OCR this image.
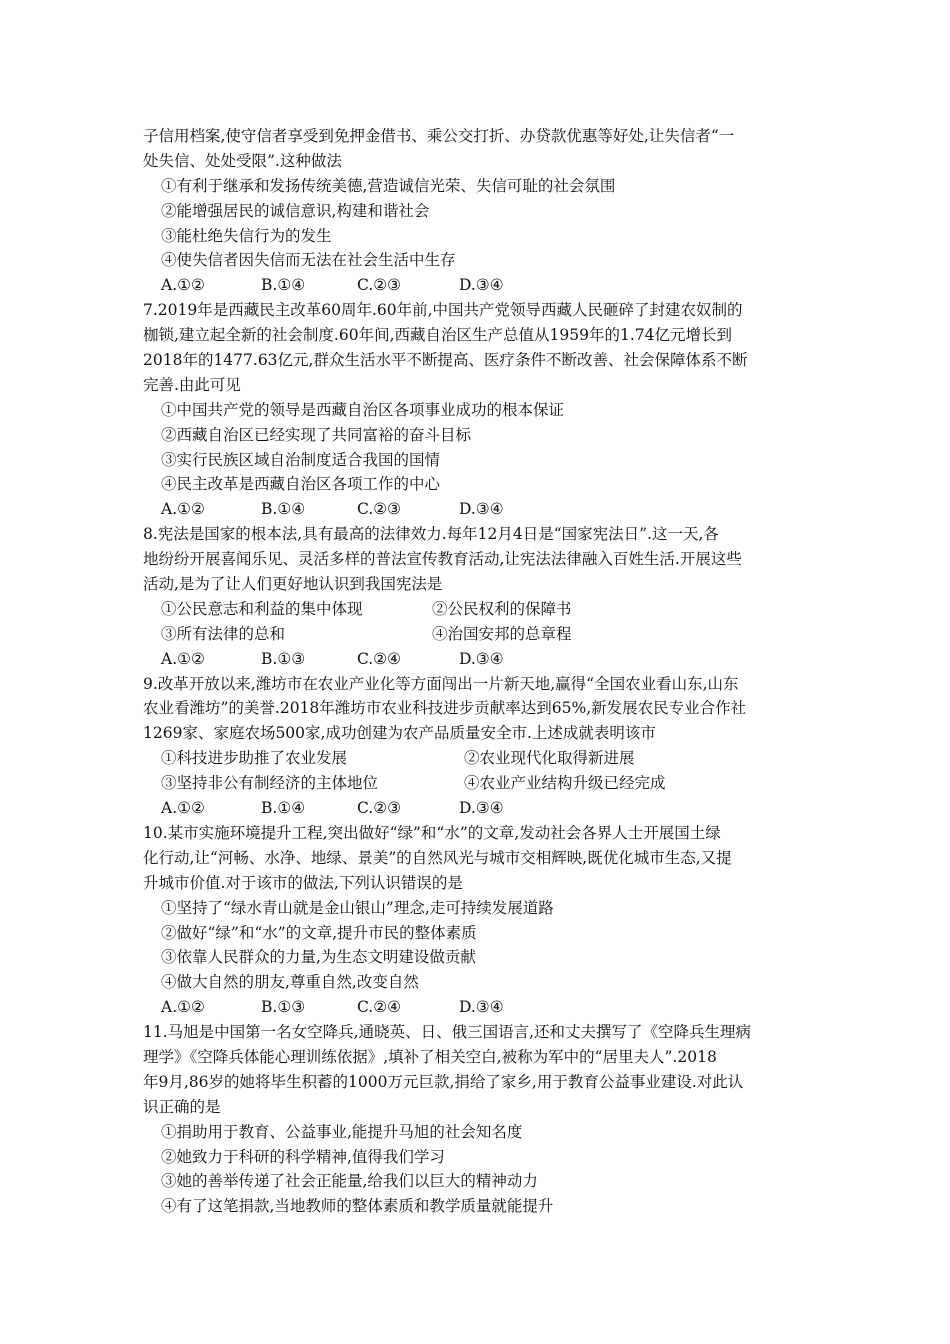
子信用档案,使守信者享受到免押金借书、乘公交打折、办贷款优惠等好处,让失信者“一
处失信、处处受限”.这种做法
①有利于继承和发扬传统美德,营造诚信光荣、失信可耻的社会氛围
②能增强居民的诚信意识,构建和谐社会
③能杜绝失信行为的发生
④使失信者因失信而无法在社会生活中生存
A.①②	B.①④	C.②③	D.③④
7.2019年是西藏民主改革60周年.60年前,中国共产党领导西藏人民砸碎了封建农奴制的
枷锁,建立起全新的社会制度.60年间,西藏自治区生产总值从1959年的1.74亿元增长到
2018年的1477.63亿元,群众生活水平不断提高、医疗条件不断改善、社会保障体系不断
完善.由此可见
①中国共产党的领导是西藏自治区各项事业成功的根本保证
②西藏自治区已经实现了共同富裕的奋斗目标
③实行民族区域自治制度适合我国的国情
④民主改革是西藏自治区各项工作的中心
A.①②	B.①④	C.②③	D.③④
8.宪法是国家的根本法,具有最高的法律效力.每年12月4日是“国家宪法日”.这一天,各
地纷纷开展喜闻乐见、灵活多样的普法宣传教育活动,让宪法法律融入百姓生活.开展这些
活动,是为了让人们更好地认识到我国宪法是
①公民意志和利益的集中体现	②公民权利的保障书
③所有法律的总和	④治国安邦的总章程
A.①②	B.①③	C.②④	D.③④
9.改革开放以来,潍坊市在农业产业化等方面闯出一片新天地,赢得“全国农业看山东,山东
农业看潍坊”的美誉.2018年潍坊市农业科技进步贡献率达到65%,新发展农民专业合作社
1269家、家庭农场500家,成功创建为农产品质量安全市.上述成就表明该市
①科技进步助推了农业发展	②农业现代化取得新进展
③坚持非公有制经济的主体地位	④农业产业结构升级已经完成
A.①②	B.①④	C.②③	D.③④
10.某市实施环境提升工程,突出做好“绿”和“水”的文章,发动社会各界人士开展国土绿
化行动,让“河畅、水净、地绿、景美”的自然风光与城市交相辉映,既优化城市生态,又提
升城市价值.对于该市的做法,下列认识错误的是
①坚持了“绿水青山就是金山银山”理念,走可持续发展道路
②做好“绿”和“水”的文章,提升市民的整体素质
③依靠人民群众的力量,为生态文明建设做贡献
④做大自然的朋友,尊重自然,改变自然
A.①②	B.①③	C.②④	D.③④
11.马旭是中国第一名女空降兵,通晓英、日、俄三国语言,还和丈夫撰写了《空降兵生理病
理学》《空降兵体能心理训练依据》,填补了相关空白,被称为军中的“居里夫人”.2018
年9月,86岁的她将毕生积蓄的1000万元巨款,捐给了家乡,用于教育公益事业建设.对此认
识正确的是
①捐助用于教育、公益事业,能提升马旭的社会知名度
②她致力于科研的科学精神,值得我们学习
③她的善举传递了社会正能量,给我们以巨大的精神动力
④有了这笔捐款,当地教师的整体素质和教学质量就能提升
